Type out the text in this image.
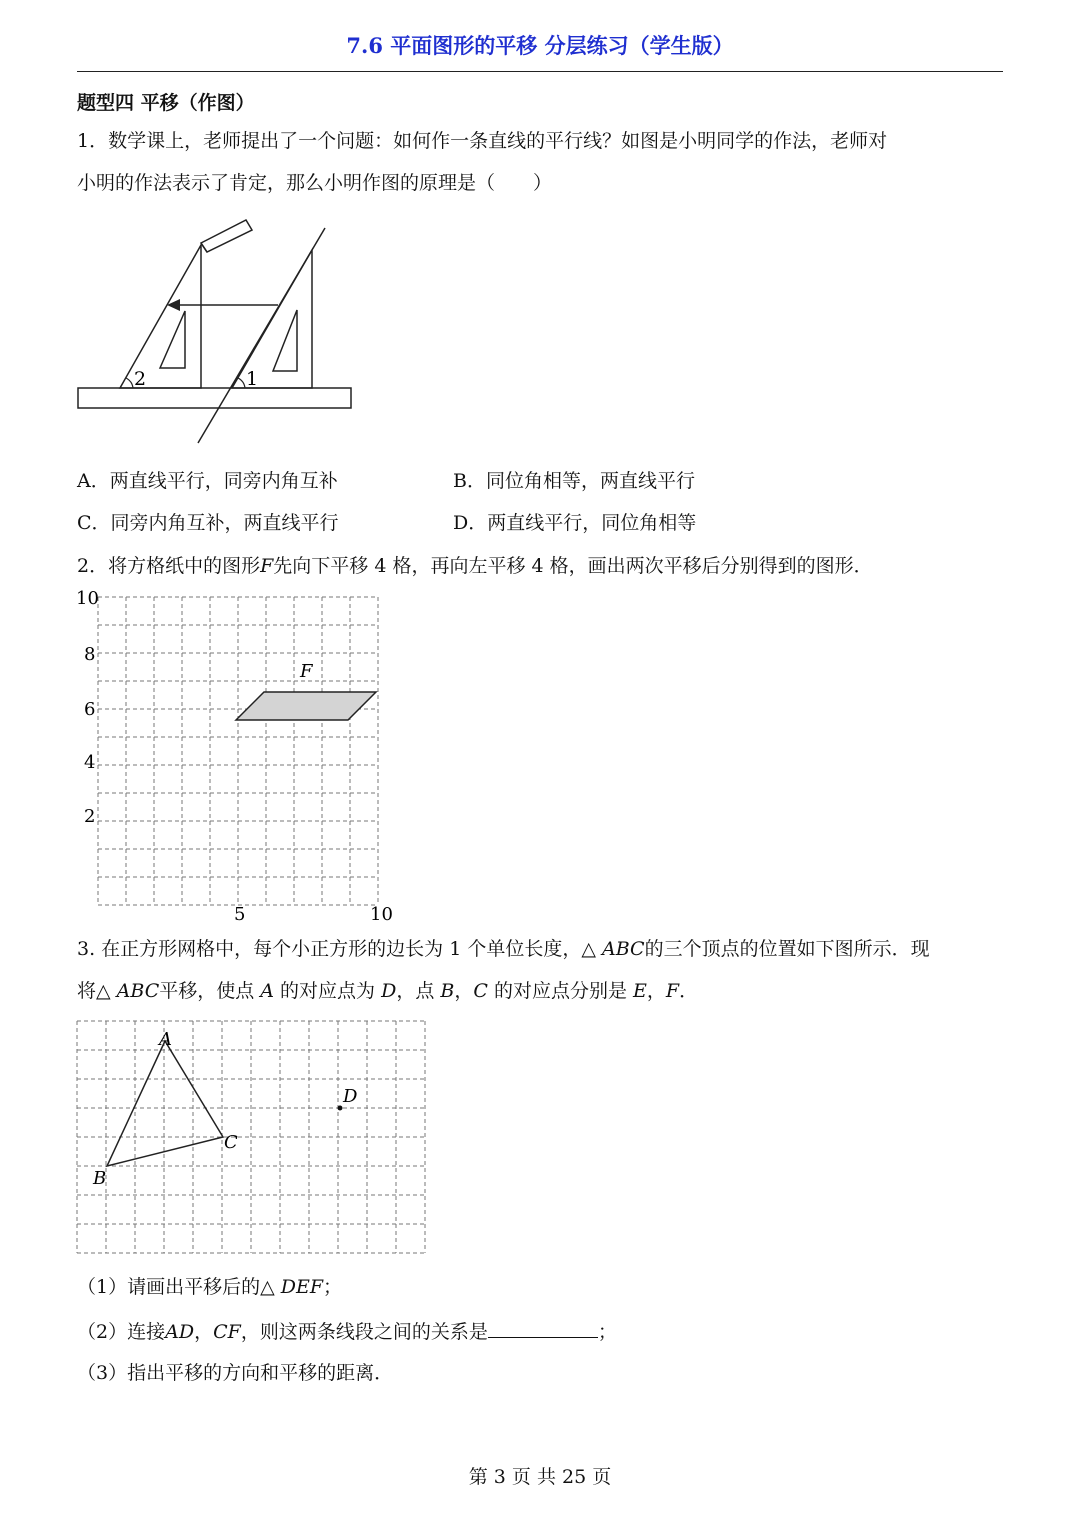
7.6 平面图形的平移 分层练习（学生版）
题型四 平移（作图）
1．数学课上，老师提出了一个问题：如何作一条直线的平行线？如图是小明同学的作法，老师对
小明的作法表示了肯定，那么小明作图的原理是（　　）
2	1
A．两直线平行，同旁内角互补	B．同位角相等，两直线平行
C．同旁内角互补，两直线平行	D．两直线平行，同位角相等
2．将方格纸中的图形F先向下平移 4 格，再向左平移 4 格，画出两次平移后分别得到的图形．
F
10
8
6
4
2
5	10
3. 在正方形网格中，每个小正方形的边长为 1 个单位长度，△ ABC的三个顶点的位置如下图所示．现
将△ ABC平移，使点 A 的对应点为 D，点 B，C 的对应点分别是 E，F．
A
B
C
D
（1）请画出平移后的△ DEF；
（2）连接AD，CF，则这两条线段之间的关系是	；
（3）指出平移的方向和平移的距离．
第 3 页 共 25 页
